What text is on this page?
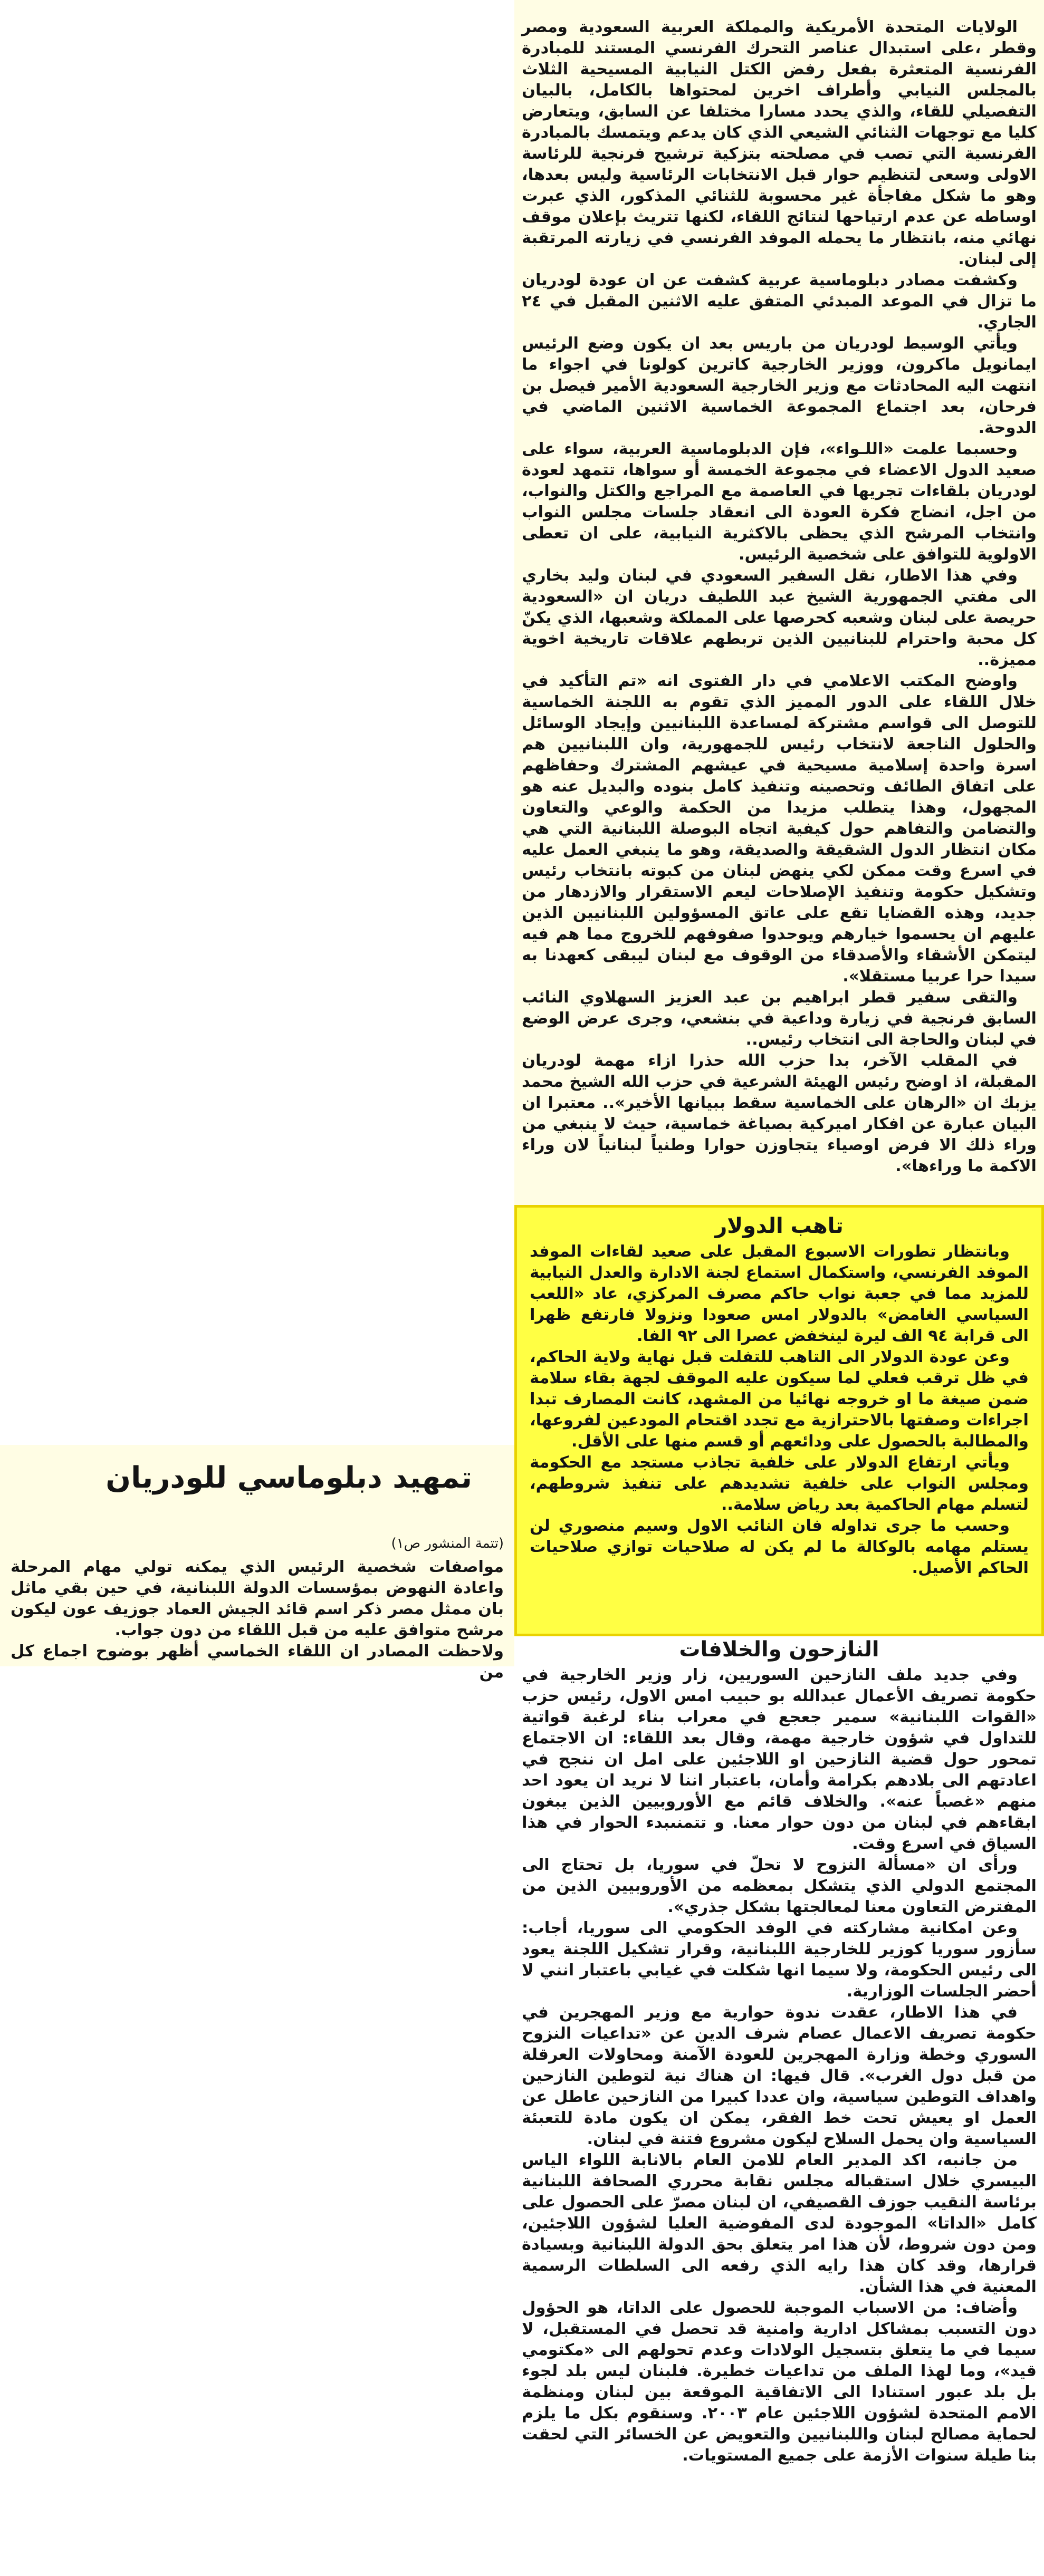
الولايات المتحدة الأمريكية والمملكة العربية السعودية ومصر وقطر ،على استبدال عناصر التحرك الفرنسي المستند للمبادرة الفرنسية المتعثرة بفعل رفض الكتل النيابية المسيحية الثلاث بالمجلس النيابي وأطراف اخرين لمحتواها بالكامل، بالبيان التفصيلي للقاء، والذي يحدد مسارا مختلفا عن السابق، ويتعارض كليا مع توجهات الثنائي الشيعي الذي كان يدعم ويتمسك بالمبادرة الفرنسية التي تصب في مصلحته بتزكية ترشيح فرنجية للرئاسة الاولى وسعى لتنظيم حوار قبل الانتخابات الرئاسية وليس بعدها، وهو ما شكل مفاجأة غير محسوبة للثنائي المذكور، الذي عبرت اوساطه عن عدم ارتياحها لنتائج اللقاء، لكنها تتريث بإعلان موقف نهائي منه، بانتظار ما يحمله الموفد الفرنسي في زيارته المرتقبة إلى لبنان.

وكشفت مصادر دبلوماسية عربية كشفت عن ان عودة لودريان ما تزال في الموعد المبدئي المتفق عليه الاثنين المقبل في ٢٤ الجاري.

ويأتي الوسيط لودريان من باريس بعد ان يكون وضع الرئيس ايمانويل ماكرون، ووزير الخارجية كاترين كولونا في اجواء ما انتهت اليه المحادثات مع وزير الخارجية السعودية الأمير فيصل بن فرحان، بعد اجتماع المجموعة الخماسية الاثنين الماضي في الدوحة.

وحسبما علمت «اللـواء»، فإن الدبلوماسية العربية، سواء على صعيد الدول الاعضاء في مجموعة الخمسة أو سواها، تتمهد لعودة لودريان بلقاءات تجريها في العاصمة مع المراجع والكتل والنواب، من اجل، انضاج فكرة العودة الى انعقاد جلسات مجلس النواب وانتخاب المرشح الذي يحظى بالاكثرية النيابية، على ان تعطى الاولوية للتوافق على شخصية الرئيس.

وفي هذا الاطار، نقل السفير السعودي في لبنان وليد بخاري الى مفتي الجمهورية الشيخ عبد اللطيف دريان ان «السعودية حريصة على لبنان وشعبه كحرصها على المملكة وشعبها، الذي يكنّ كل محبة واحترام للبنانيين الذين تربطهم علاقات تاريخية اخوية مميزة..

واوضح المكتب الاعلامي في دار الفتوى انه «تم التأكيد في خلال اللقاء على الدور المميز الذي تقوم به اللجنة الخماسية للتوصل الى قواسم مشتركة لمساعدة اللبنانيين وإيجاد الوسائل والحلول الناجعة لانتخاب رئيس للجمهورية، وان اللبنانيين هم اسرة واحدة إسلامية مسيحية في عيشهم المشترك وحفاظهم على اتفاق الطائف وتحصينه وتنفيذ كامل بنوده والبديل عنه هو المجهول، وهذا يتطلب مزيدا من الحكمة والوعي والتعاون والتضامن والتفاهم حول كيفية اتجاه البوصلة اللبنانية التي هي مكان انتظار الدول الشقيقة والصديقة، وهو ما ينبغي العمل عليه في اسرع وقت ممكن لكي ينهض لبنان من كبوته بانتخاب رئيس وتشكيل حكومة وتنفيذ الإصلاحات ليعم الاستقرار والازدهار من جديد، وهذه القضايا تقع على عاتق المسؤولين اللبنانيين الذين عليهم ان يحسموا خيارهم ويوحدوا صفوفهم للخروج مما هم فيه ليتمكن الأشقاء والأصدقاء من الوقوف مع لبنان ليبقى كعهدنا به سيدا حرا عربيا مستقلا».

والتقى سفير قطر ابراهيم بن عبد العزيز السهلاوي النائب السابق فرنجية في زيارة وداعية في بنشعي، وجرى عرض الوضع في لبنان والحاجة الى انتخاب رئيس..

في المقلب الآخر، بدا حزب الله حذرا ازاء مهمة لودريان المقبلة، اذ اوضح رئيس الهيئة الشرعية في حزب الله الشيخ محمد يزبك ان «الرهان على الخماسية سقط ببيانها الأخير».. معتبرا ان البيان عبارة عن افكار اميركية بصياغة خماسية، حيث لا ينبغي من وراء ذلك الا فرض اوصياء يتجاوزن حوارا وطنياً لبنانياً لان وراء الاكمة ما وراءها».

تاهب الدولار

وبانتظار تطورات الاسبوع المقبل على صعيد لقاءات الموفد الموفد الفرنسي، واستكمال استماع لجنة الادارة والعدل النيابية للمزيد مما في جعبة نواب حاكم مصرف المركزي، عاد «اللعب السياسي الغامض» بالدولار امس صعودا ونزولا فارتفع ظهرا الى قرابة ٩٤ الف ليرة لينخفض عصرا الى ٩٢ الفا.

وعن عودة الدولار الى التاهب للتفلت قبل نهاية ولاية الحاكم، في ظل ترقب فعلي لما سيكون عليه الموقف لجهة بقاء سلامة ضمن صيغة ما او خروجه نهائيا من المشهد، كانت المصارف تبدا اجراءات وصفتها بالاحترازية مع تجدد اقتحام المودعين لفروعها، والمطالبة بالحصول على ودائعهم أو قسم منها على الأقل.

ويأتي ارتفاع الدولار على خلفية تجاذب مستجد مع الحكومة ومجلس النواب على خلفية تشديدهم على تنفيذ شروطهم، لتسلم مهام الحاكمية بعد رياض سلامة..

وحسب ما جرى تداوله فان النائب الاول وسيم منصوري لن يستلم مهامه بالوكالة ما لم يكن له صلاحيات توازي صلاحيات الحاكم الأصيل.

النازحون والخلافات

وفي جديد ملف النازحين السوريين، زار وزير الخارجية في حكومة تصريف الأعمال عبدالله بو حبيب امس الاول، رئيس حزب «القوات اللبنانية» سمير جعجع في معراب بناء لرغبة قواتية للتداول في شؤون خارجية مهمة، وقال بعد اللقاء: ان الاجتماع تمحور حول قضية النازحين او اللاجئين على امل ان ننجح في اعادتهم الى بلادهم بكرامة وأمان، باعتبار اننا لا نريد ان يعود احد منهم «غصباً عنه». والخلاف قائم مع الأوروبيين الذين يبغون ابقاءهم في لبنان من دون حوار معنا. و تتمنىبدء الحوار في هذا السياق في اسرع وقت.

ورأى ان «مسألة النزوح لا تحلّ في سوريا، بل تحتاج الى المجتمع الدولي الذي يتشكل بمعظمه من الأوروبيين الذين من المفترض التعاون معنا لمعالجتها بشكل جذري».

وعن امكانية مشاركته في الوفد الحكومي الى سوريا، أجاب: سأزور سوريا كوزير للخارجية اللبنانية، وقرار تشكيل اللجنة يعود الى رئيس الحكومة، ولا سيما انها شكلت في غيابي باعتبار انني لا أحضر الجلسات الوزارية.

في هذا الاطار، عقدت ندوة حوارية مع وزير المهجرين في حكومة تصريف الاعمال عصام شرف الدين عن «تداعيات النزوح السوري وخطة وزارة المهجرين للعودة الآمنة ومحاولات العرقلة من قبل دول الغرب». قال فيها: ان هناك نية لتوطين النازحين واهداف التوطين سياسية، وان عددا كبيرا من النازحين عاطل عن العمل او يعيش تحت خط الفقر، يمكن ان يكون مادة للتعبئة السياسية وان يحمل السلاح ليكون مشروع فتنة في لبنان.

من جانبه، اكد المدير العام للامن العام بالانابة اللواء الياس البيسري خلال استقباله مجلس نقابة محرري الصحافة اللبنانية برئاسة النقيب جوزف القصيفي، ان لبنان مصرّ على الحصول على كامل «الداتا» الموجودة لدى المفوضية العليا لشؤون اللاجئين، ومن دون شروط، لأن هذا امر يتعلق بحق الدولة اللبنانية وبسيادة قرارها، وقد كان هذا رايه الذي رفعه الى السلطات الرسمية المعنية في هذا الشأن.

وأضاف: من الاسباب الموجبة للحصول على الداتا، هو الحؤول دون التسبب بمشاكل ادارية وامنية قد تحصل في المستقبل، لا سيما في ما يتعلق بتسجيل الولادات وعدم تحولهم الى «مكتومي قيد»، وما لهذا الملف من تداعيات خطيرة. فلبنان ليس بلد لجوء بل بلد عبور استنادا الى الاتفاقية الموقعة بين لبنان ومنظمة الامم المتحدة لشؤون اللاجئين عام ٢٠٠٣. وسنقوم بكل ما يلزم لحماية مصالح لبنان واللبنانيين والتعويض عن الخسائر التي لحقت بنا طيلة سنوات الأزمة على جميع المستويات.

تمهيد دبلوماسي للودريان
(تتمة المنشور ص١)

مواصفات شخصية الرئيس الذي يمكنه تولي مهام المرحلة واعادة النهوض بمؤسسات الدولة اللبنانية، في حين بقي ماثل بان ممثل مصر ذكر اسم قائد الجيش العماد جوزيف عون ليكون مرشح متوافق عليه من قبل اللقاء من دون جواب.

ولاحظت المصادر ان اللقاء الخماسي أظهر بوضوح اجماع كل من
